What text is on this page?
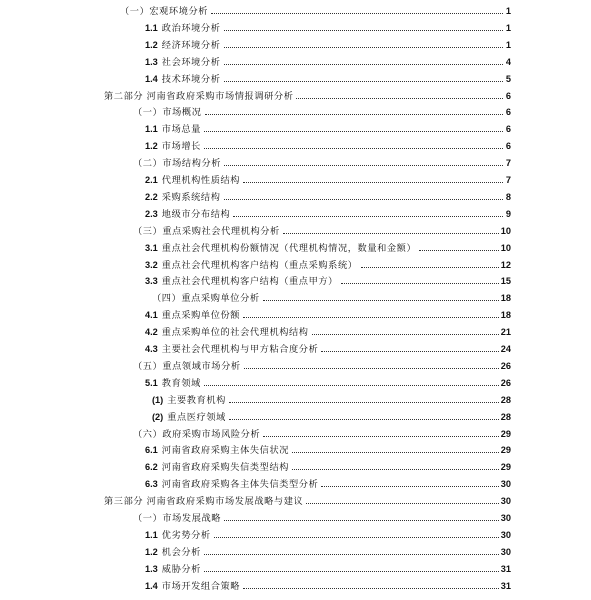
（一）宏观环境分析	1
1.1 政治环境分析	1
1.2 经济环境分析	1
1.3 社会环境分析	4
1.4 技术环境分析	5
第二部分 河南省政府采购市场情报调研分析	6
（一）市场概况	6
1.1 市场总量	6
1.2 市场增长	6
（二）市场结构分析	7
2.1 代理机构性质结构	7
2.2 采购系统结构	8
2.3 地级市分布结构	9
（三）重点采购社会代理机构分析	10
3.1 重点社会代理机构份额情况（代理机构情况，数量和金额）	10
3.2 重点社会代理机构客户结构（重点采购系统）	12
3.3 重点社会代理机构客户结构（重点甲方）	15
（四）重点采购单位分析	18
4.1 重点采购单位份额	18
4.2 重点采购单位的社会代理机构结构	21
4.3 主要社会代理机构与甲方粘合度分析	24
（五）重点领域市场分析	26
5.1 教育领域	26
(1) 主要教育机构	28
(2) 重点医疗领域	28
（六）政府采购市场风险分析	29
6.1 河南省政府采购主体失信状况	29
6.2 河南省政府采购失信类型结构	29
6.3 河南省政府采购各主体失信类型分析	30
第三部分 河南省政府采购市场发展战略与建议	30
（一）市场发展战略	30
1.1 优劣势分析	30
1.2 机会分析	30
1.3 威胁分析	31
1.4 市场开发组合策略	31
